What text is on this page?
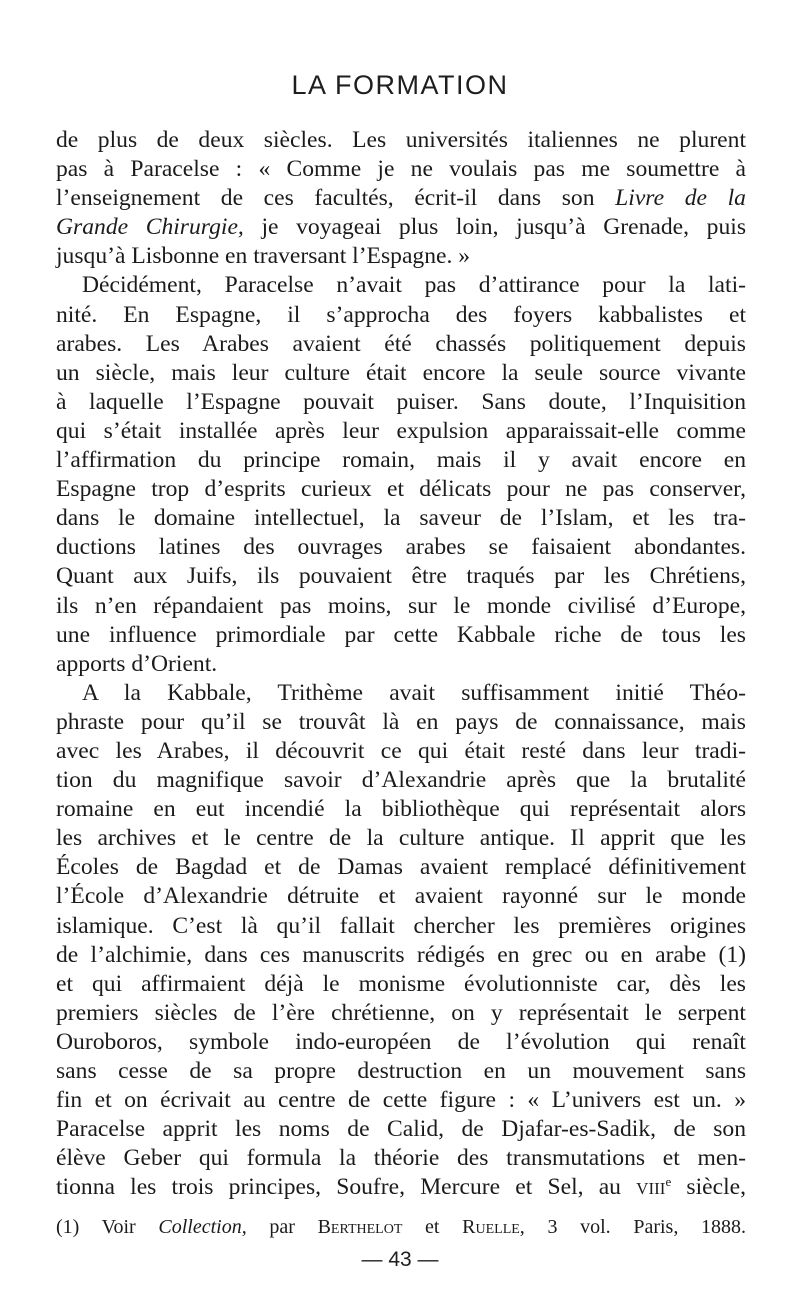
LA FORMATION
de plus de deux siècles. Les universités italiennes ne plurent
pas à Paracelse : « Comme je ne voulais pas me soumettre à
l’enseignement de ces facultés, écrit-il dans son Livre de la
Grande Chirurgie, je voyageai plus loin, jusqu’à Grenade, puis
jusqu’à Lisbonne en traversant l’Espagne. »
Décidément, Paracelse n’avait pas d’attirance pour la lati-
nité. En Espagne, il s’approcha des foyers kabbalistes et
arabes. Les Arabes avaient été chassés politiquement depuis
un siècle, mais leur culture était encore la seule source vivante
à laquelle l’Espagne pouvait puiser. Sans doute, l’Inquisition
qui s’était installée après leur expulsion apparaissait-elle comme
l’affirmation du principe romain, mais il y avait encore en
Espagne trop d’esprits curieux et délicats pour ne pas conserver,
dans le domaine intellectuel, la saveur de l’Islam, et les tra-
ductions latines des ouvrages arabes se faisaient abondantes.
Quant aux Juifs, ils pouvaient être traqués par les Chrétiens,
ils n’en répandaient pas moins, sur le monde civilisé d’Europe,
une influence primordiale par cette Kabbale riche de tous les
apports d’Orient.
A la Kabbale, Trithème avait suffisamment initié Théo-
phraste pour qu’il se trouvât là en pays de connaissance, mais
avec les Arabes, il découvrit ce qui était resté dans leur tradi-
tion du magnifique savoir d’Alexandrie après que la brutalité
romaine en eut incendié la bibliothèque qui représentait alors
les archives et le centre de la culture antique. Il apprit que les
Écoles de Bagdad et de Damas avaient remplacé définitivement
l’École d’Alexandrie détruite et avaient rayonné sur le monde
islamique. C’est là qu’il fallait chercher les premières origines
de l’alchimie, dans ces manuscrits rédigés en grec ou en arabe (1)
et qui affirmaient déjà le monisme évolutionniste car, dès les
premiers siècles de l’ère chrétienne, on y représentait le serpent
Ouroboros, symbole indo-européen de l’évolution qui renaît
sans cesse de sa propre destruction en un mouvement sans
fin et on écrivait au centre de cette figure : « L’univers est un. »
Paracelse apprit les noms de Calid, de Djafar-es-Sadik, de son
élève Geber qui formula la théorie des transmutations et men-
tionna les trois principes, Soufre, Mercure et Sel, au viii$^e$ siècle,
(1) Voir Collection, par Berthelot et Ruelle, 3 vol. Paris, 1888.
— 43 —
